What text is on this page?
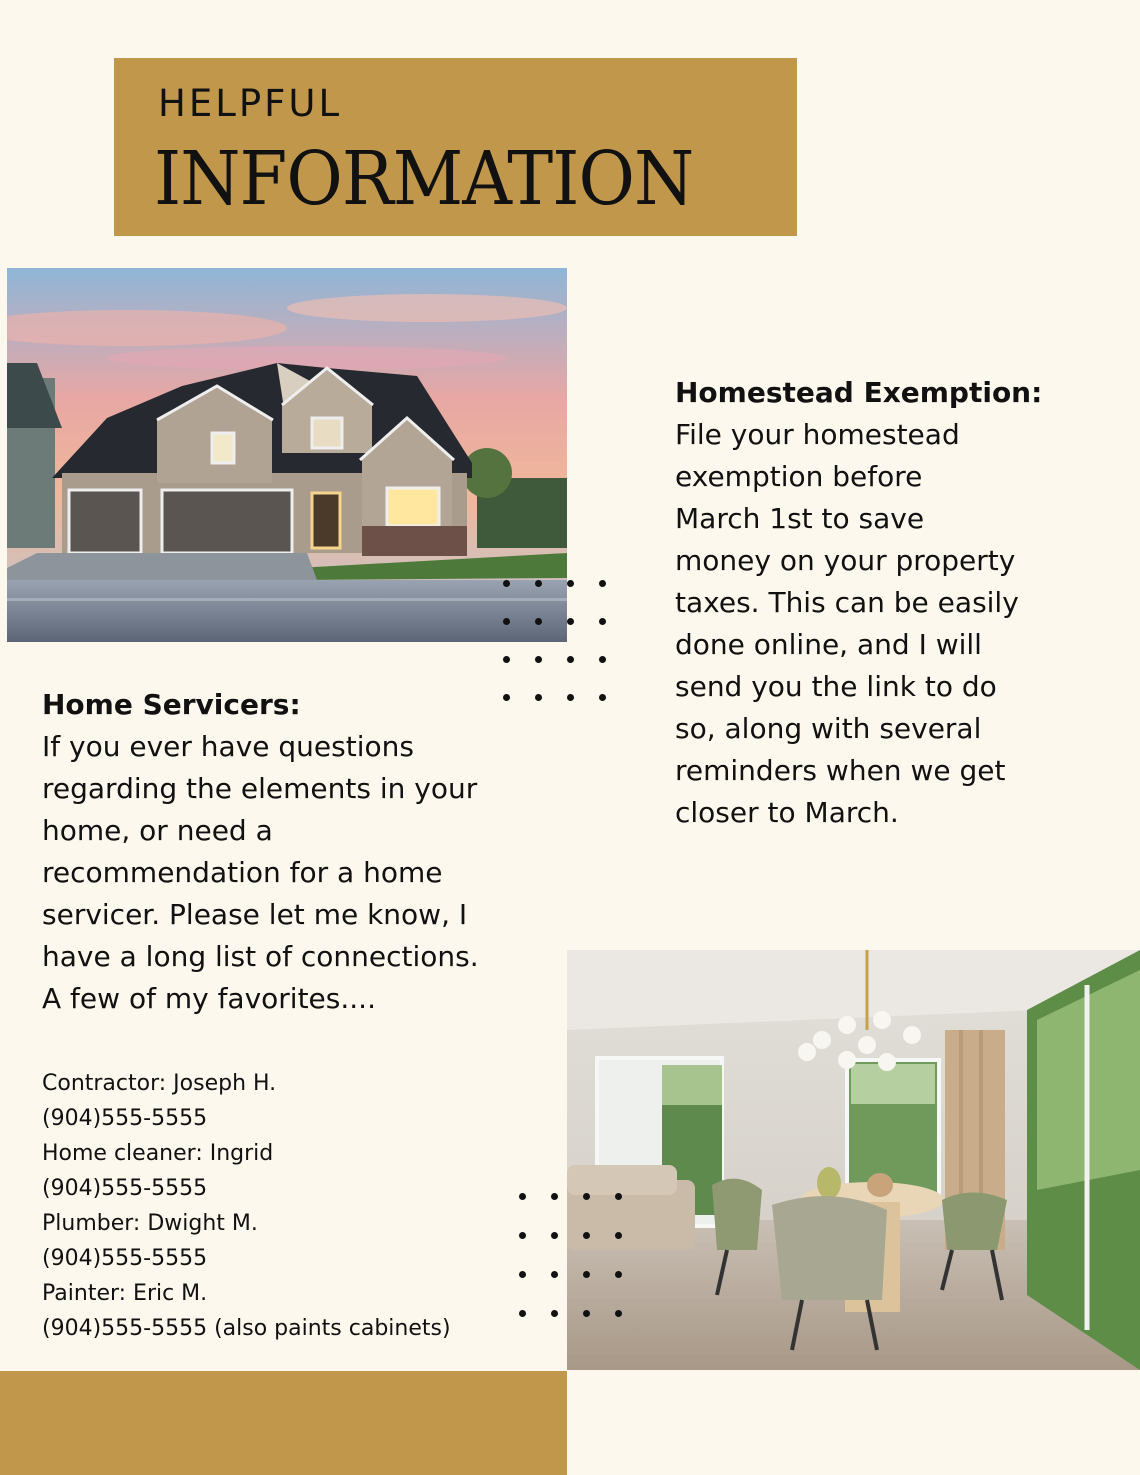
HELPFUL
INFORMATION

Homestead Exemption:

File your homestead
exemption before
March 1st to save
money on your property
taxes. This can be easily
done online, and I will
send you the link to do
so, along with several
reminders when we get
closer to March.

Home Servicers:

If you ever have questions
regarding the elements in your
home, or need a
recommendation for a home
servicer. Please let me know, I
have a long list of connections.
A few of my favorites....

Contractor: Joseph H.
(904)555-5555
Home cleaner: Ingrid
(904)555-5555
Plumber: Dwight M.
(904)555-5555
Painter: Eric M.
(904)555-5555 (also paints cabinets)
